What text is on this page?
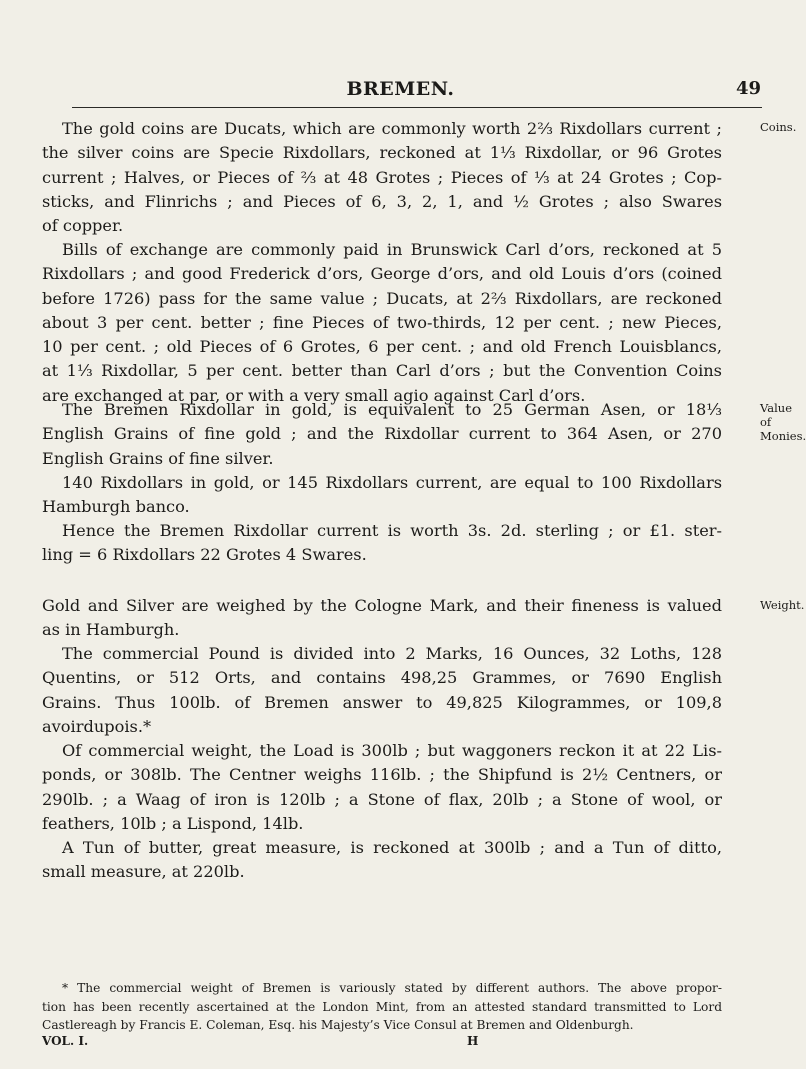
BREMEN.	49
Coins.
Value of Monies.
Weight.
The gold coins are Ducats, which are commonly worth 2⅔ Rixdollars current ;
the silver coins are Specie Rixdollars, reckoned at 1⅓ Rixdollar, or 96 Grotes
current ; Halves, or Pieces of ⅔ at 48 Grotes ; Pieces of ⅓ at 24 Grotes ; Cop-
sticks, and Flinrichs ; and Pieces of 6, 3, 2, 1, and ½ Grotes ; also Swares
of copper.
Bills of exchange are commonly paid in Brunswick Carl d’ors, reckoned at 5
Rixdollars ; and good Frederick d’ors, George d’ors, and old Louis d’ors (coined
before 1726) pass for the same value ; Ducats, at 2⅔ Rixdollars, are reckoned
about 3 per cent. better ; fine Pieces of two-thirds, 12 per cent. ; new Pieces,
10 per cent. ; old Pieces of 6 Grotes, 6 per cent. ; and old French Louisblancs,
at 1⅓ Rixdollar, 5 per cent. better than Carl d’ors ; but the Convention Coins
are exchanged at par, or with a very small agio against Carl d’ors.
The Bremen Rixdollar in gold, is equivalent to 25 German Asen, or 18⅓
English Grains of fine gold ; and the Rixdollar current to 364 Asen, or 270
English Grains of fine silver.
140 Rixdollars in gold, or 145 Rixdollars current, are equal to 100 Rixdollars
Hamburgh banco.
Hence the Bremen Rixdollar current is worth 3s. 2d. sterling ; or £1. ster-
ling = 6 Rixdollars 22 Grotes 4 Swares.
Gold and Silver are weighed by the Cologne Mark, and their fineness is valued
as in Hamburgh.
The commercial Pound is divided into 2 Marks, 16 Ounces, 32 Loths, 128
Quentins, or 512 Orts, and contains 498,25 Grammes, or 7690 English
Grains. Thus 100lb. of Bremen answer to 49,825 Kilogrammes, or 109,8
avoirdupois.*
Of commercial weight, the Load is 300lb ; but waggoners reckon it at 22 Lis-
ponds, or 308lb. The Centner weighs 116lb. ; the Shipfund is 2½ Centners, or
290lb. ; a Waag of iron is 120lb ; a Stone of flax, 20lb ; a Stone of wool, or
feathers, 10lb ; a Lispond, 14lb.
A Tun of butter, great measure, is reckoned at 300lb ; and a Tun of ditto,
small measure, at 220lb.
* The commercial weight of Bremen is variously stated by different authors. The above propor-
tion has been recently ascertained at the London Mint, from an attested standard transmitted to Lord
Castlereagh by Francis E. Coleman, Esq. his Majesty’s Vice Consul at Bremen and Oldenburgh.
VOL. I.	H
